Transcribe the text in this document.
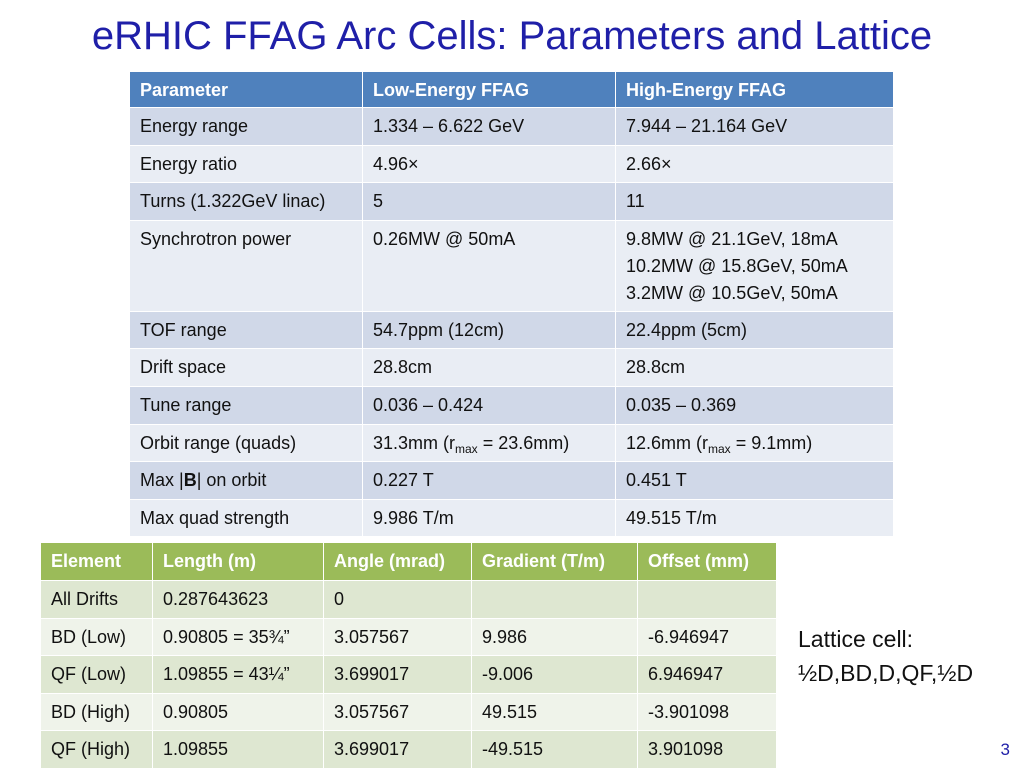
eRHIC FFAG Arc Cells: Parameters and Lattice
Parameter	Low-Energy FFAG	High-Energy FFAG
Energy range	1.334 – 6.622 GeV	7.944 – 21.164 GeV
Energy ratio	4.96×	2.66×
Turns (1.322GeV linac)	5	11
Synchrotron power	0.26MW @ 50mA	9.8MW @ 21.1GeV, 18mA
10.2MW @ 15.8GeV, 50mA
3.2MW @ 10.5GeV, 50mA

TOF range	54.7ppm (12cm)	22.4ppm (5cm)
Drift space	28.8cm	28.8cm
Tune range	0.036 – 0.424	0.035 – 0.369
Orbit range (quads)	31.3mm $(r_{max} = 23.6mm)$	12.6mm $(r_{max} = 9.1mm)$
Max |B| on orbit	0.227 T	0.451 T
Max quad strength	9.986 T/m	49.515 T/m
Element	Length (m)	Angle (mrad)	Gradient (T/m)	Offset (mm)
All Drifts	0.287643623	0		
BD (Low)	0.90805 = 35¾”	3.057567	9.986	-6.946947
QF (Low)	1.09855 = 43¼”	3.699017	-9.006	6.946947
BD (High)	0.90805	3.057567	49.515	-3.901098
QF (High)	1.09855	3.699017	-49.515	3.901098
Lattice cell:
½D,BD,D,QF,½D
3
